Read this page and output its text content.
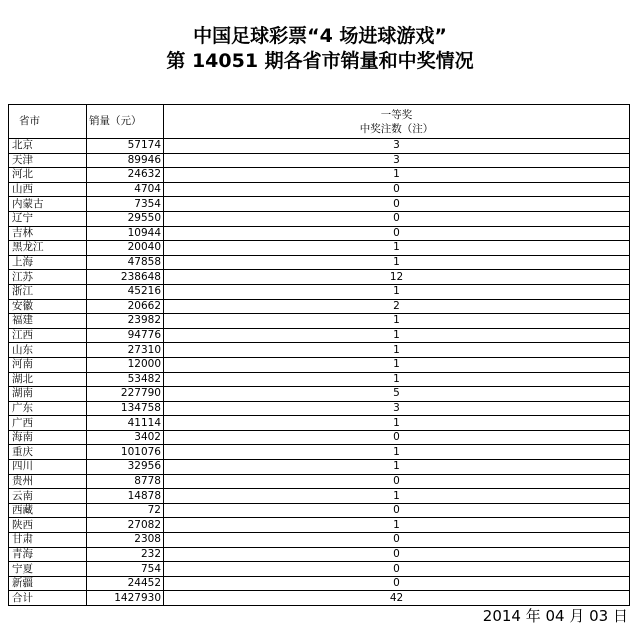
中国足球彩票“4 场进球游戏”
第 14051 期各省市销量和中奖情况
省市	销量（元）	一等奖
中奖注数（注）

北京	57174	3
天津	89946	3
河北	24632	1
山西	4704	0
内蒙古	7354	0
辽宁	29550	0
吉林	10944	0
黑龙江	20040	1
上海	47858	1
江苏	238648	12
浙江	45216	1
安徽	20662	2
福建	23982	1
江西	94776	1
山东	27310	1
河南	12000	1
湖北	53482	1
湖南	227790	5
广东	134758	3
广西	41114	1
海南	3402	0
重庆	101076	1
四川	32956	1
贵州	8778	0
云南	14878	1
西藏	72	0
陕西	27082	1
甘肃	2308	0
青海	232	0
宁夏	754	0
新疆	24452	0
合计	1427930	42
2014 年 04 月 03 日
